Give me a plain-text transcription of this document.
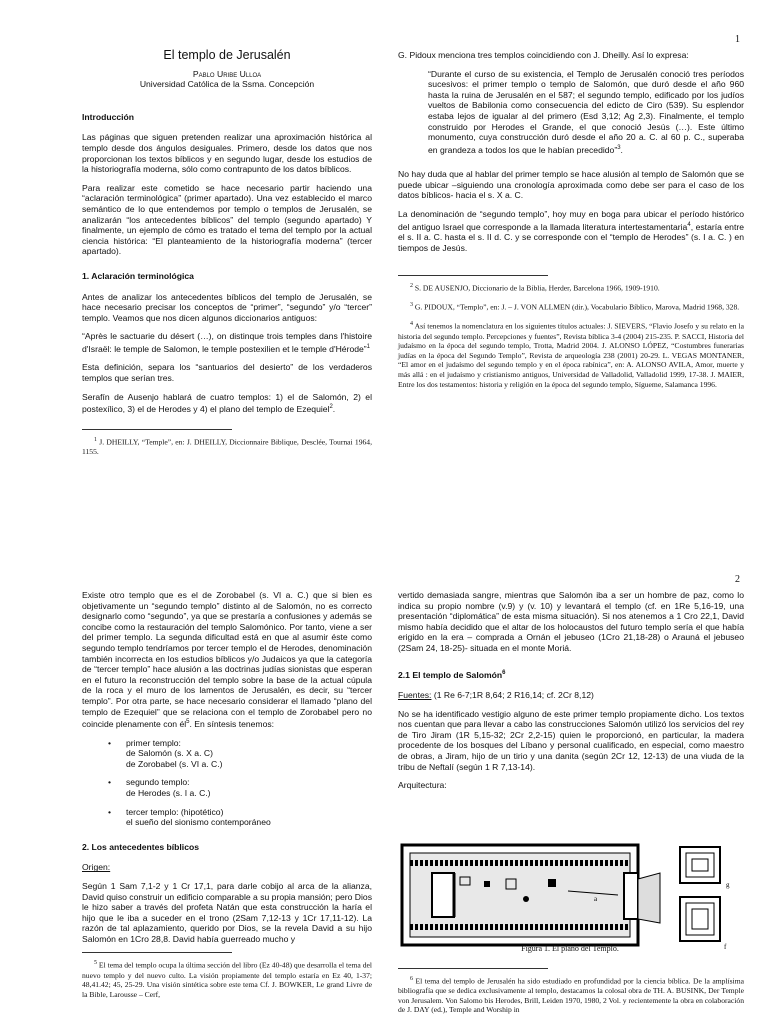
1
El templo de Jerusalén
Pablo Uribe Ulloa
Universidad Católica de la Ssma. Concepción
Introducción

Las páginas que siguen pretenden realizar una aproximación histórica al templo desde dos ángulos desiguales. Primero, desde los datos que nos proporcionan los textos bíblicos y en segundo lugar, desde los estudios de la historiografía moderna, sólo como contrapunto de los datos bíblicos.

Para realizar este cometido se hace necesario partir haciendo una “aclaración terminológica” (primer apartado). Una vez establecido el marco semántico de lo que entendemos por templo o templos de Jerusalén, se analizarán “los antecedentes bíblicos” del templo (segundo apartado) Y finalmente, un ejemplo de cómo es tratado el tema del templo por la actual ciencia histórica: “El planteamiento de la historiografía moderna” (tercer apartado).

1. Aclaración terminológica

Antes de analizar los antecedentes bíblicos del templo de Jerusalén, se hace necesario precisar los conceptos de “primer”, “segundo” y/o “tercer” templo. Veamos que nos dicen algunos diccionarios antiguos:

“Après le sactuarie du désert (…), on distinque trois temples dans l'histoire d'Israël: le temple de Salomon, le temple postexilien et le temple d'Hérode”$^1$

Esta definición, separa los “santuarios del desierto” de los verdaderos templos que serían tres.

Serafín de Ausenjo hablará de cuatro templos: 1) el de Salomón, 2) el postexílico, 3) el de Herodes y 4) el plano del templo de Ezequiel$^2$.

$^1$ J. DHEILLY, “Temple”, en: J. DHEILLY, Diccionnaire Biblique, Desclée, Tournai 1964, 1155.

G. Pidoux menciona tres templos coincidiendo con J. Dheilly. Así lo expresa:

“Durante el curso de su existencia, el Templo de Jerusalén conoció tres períodos sucesivos: el primer templo o templo de Salomón, que duró desde el año 960 hasta la ruina de Jerusalén en el 587; el segundo templo, edificado por los judíos vueltos de Babilonia como consecuencia del edicto de Ciro (539). Su esplendor estaba lejos de igualar al del primero (Esd 3,12; Ag 2,3). Finalmente, el templo construido por Herodes el Grande, el que conoció Jesús (…). Este último monumento, cuya construcción duró desde el año 20 a. C. al 60 p. C., superaba en grandeza a todos los que le habían precedido”$^3$.

No hay duda que al hablar del primer templo se hace alusión al templo de Salomón que se puede ubicar –siguiendo una cronología aproximada como debe ser para el caso de los datos bíblicos- hacia el s. X a. C.

La denominación de “segundo templo”, hoy muy en boga para ubicar el período histórico del antiguo Israel que corresponde a la llamada literatura intertestamentaria$^4$, estaría entre el s. II a. C. hasta el s. II d. C. y se corresponde con el “templo de Herodes” (s. I a. C. ) en tiempos de Jesús.

$^2$ S. DE AUSENJO, Diccionario de la Biblia, Herder, Barcelona 1966, 1909-1910.

$^3$ G. PIDOUX, “Templo”, en: J. – J. VON ALLMEN (dir.), Vocabulario Bíblico, Marova, Madrid 1968, 328.

$^4$ Así tenemos la nomenclatura en los siguientes títulos actuales: J. SIEVERS, “Flavio Josefo y su relato en la historia del segundo templo. Percepciones y fuentes”, Revista bíblica 3-4 (2004) 215-235. P. SACCI, Historia del judaísmo en la época del segundo templo, Trotta, Madrid 2004. J. ALONSO LÓPEZ, “Costumbres funerarias judías en la época del Segundo Templo”, Revista de arqueología 238 (2001) 20-29. L. VEGAS MONTANER, “El amor en el judaísmo del segundo templo y en el época rabínica”, en: A. ALONSO AVILA, Amor, muerte y más allá : en el judaísmo y cristianismo antiguos, Universidad de Valladolid, Valladolid 1999, 17-38. J. MAIER, Entre los dos testamentos: historia y religión en la época del segundo templo, Sígueme, Salamanca 1996.

2

Existe otro templo que es el de Zorobabel (s. VI a. C.) que si bien es objetivamente un “segundo templo” distinto al de Salomón, no es correcto designarlo como “segundo”, ya que se prestaría a confusiones y además se concibe como la restauración del templo Salomónico. Por tanto, viene a ser del primer templo. La segunda dificultad está en que al asumir éste como segundo templo tendríamos por tercer templo el de Herodes, denominación también incorrecta en los estudios bíblicos y/o Judaicos ya que la categoría de “tercer templo” hace alusión a las doctrinas judías sionistas que esperan en el futuro la reconstrucción del templo sobre la base de la actual cúpula de la roca y el muro de los lamentos de Jerusalén, es decir, su “tercer templo”. Por otra parte, se hace necesario considerar el llamado “plano del templo de Ezequiel” que se relaciona con el templo de Zorobabel pero no coincide plenamente con $él^5$. En síntesis tenemos:

• primer templo:
de Salomón (s. X a. C)
de Zorobabel (s. VI a. C.)
• segundo templo:
de Herodes (s. I a. C.)
• tercer templo: (hipotético)
el sueño del sionismo contemporáneo
2. Los antecedentes bíblicos

Origen:

Según 1 Sam 7,1-2 y 1 Cr 17,1, para darle cobijo al arca de la alianza, David quiso construir un edificio comparable a su propia mansión; pero Dios le hizo saber a través del profeta Natán que esta construcción la haría el hijo que le iba a suceder en el trono (2Sam 7,12-13 y 1Cr 17,11-12). La razón de tal aplazamiento, querido por Dios, se la revela David a su hijo Salomón en 1Cro 28,8. David había guerreado mucho y

$^5$ El tema del templo ocupa la última sección del libro (Ez 40-48) que desarrolla el tema del nuevo templo y del nuevo culto. La visión propiamente del templo estaría en Ez 40, 1-37; 48,41.42; 45, 25-29. Una visión sintética sobre este tema Cf. J. BOWKER, Le grand Livre de la Bible, Larousse – Cerf,

vertido demasiada sangre, mientras que Salomón iba a ser un hombre de paz, como lo indica su propio nombre (v.9) y (v. 10) y levantará el templo (cf. en 1Re 5,16-19, una presentación “diplomática” de esta misma situación). Si nos atenemos a 1 Cro 22,1, David mismo había decidido que el altar de los holocaustos del futuro templo sería el que había erigido en la era – comprada a Ornán el jebuseo (1Cro 21,18-28) o Arauná el jebuseo (2Sam 24, 18-25)- situada en el monte Moriá.

2.1 El templo de Salomón$^6$

Fuentes: (1 Re 6-7;1R 8,64; 2 R16,14; cf. 2Cr 8,12)

No se ha identificado vestigio alguno de este primer templo propiamente dicho. Los textos nos cuentan que para llevar a cabo las construcciones Salomón utilizó los servicios del rey de Tiro Jiram (1R 5,15-32; 2Cr 2,2-15) quien le proporcionó, en particular, la madera procedente de los bosques del Líbano y personal cualificado, en especial, como maestro de obras, a Jiram, hijo de un tirio y una danita (según 2Cr 12, 12-13) de una viuda de la tribu de Neftalí (según 1 R 7,13-14).

Arquitectura:

a
g
f
Figura 1. El plano del Templo.

$^6$ El tema del templo de Jerusalén ha sido estudiado en profundidad por la ciencia bíblica. De la amplísima bibliografía que se dedica exclusivamente al templo, destacamos la colosal obra de TH. A. BUSINK, Der Temple von Jerusalem. Von Salomo bis Herodes, Brill, Leiden 1970, 1980, 2 Vol. y recientemente la obra en colaboración de J. DAY (ed.), Temple and Worship in
